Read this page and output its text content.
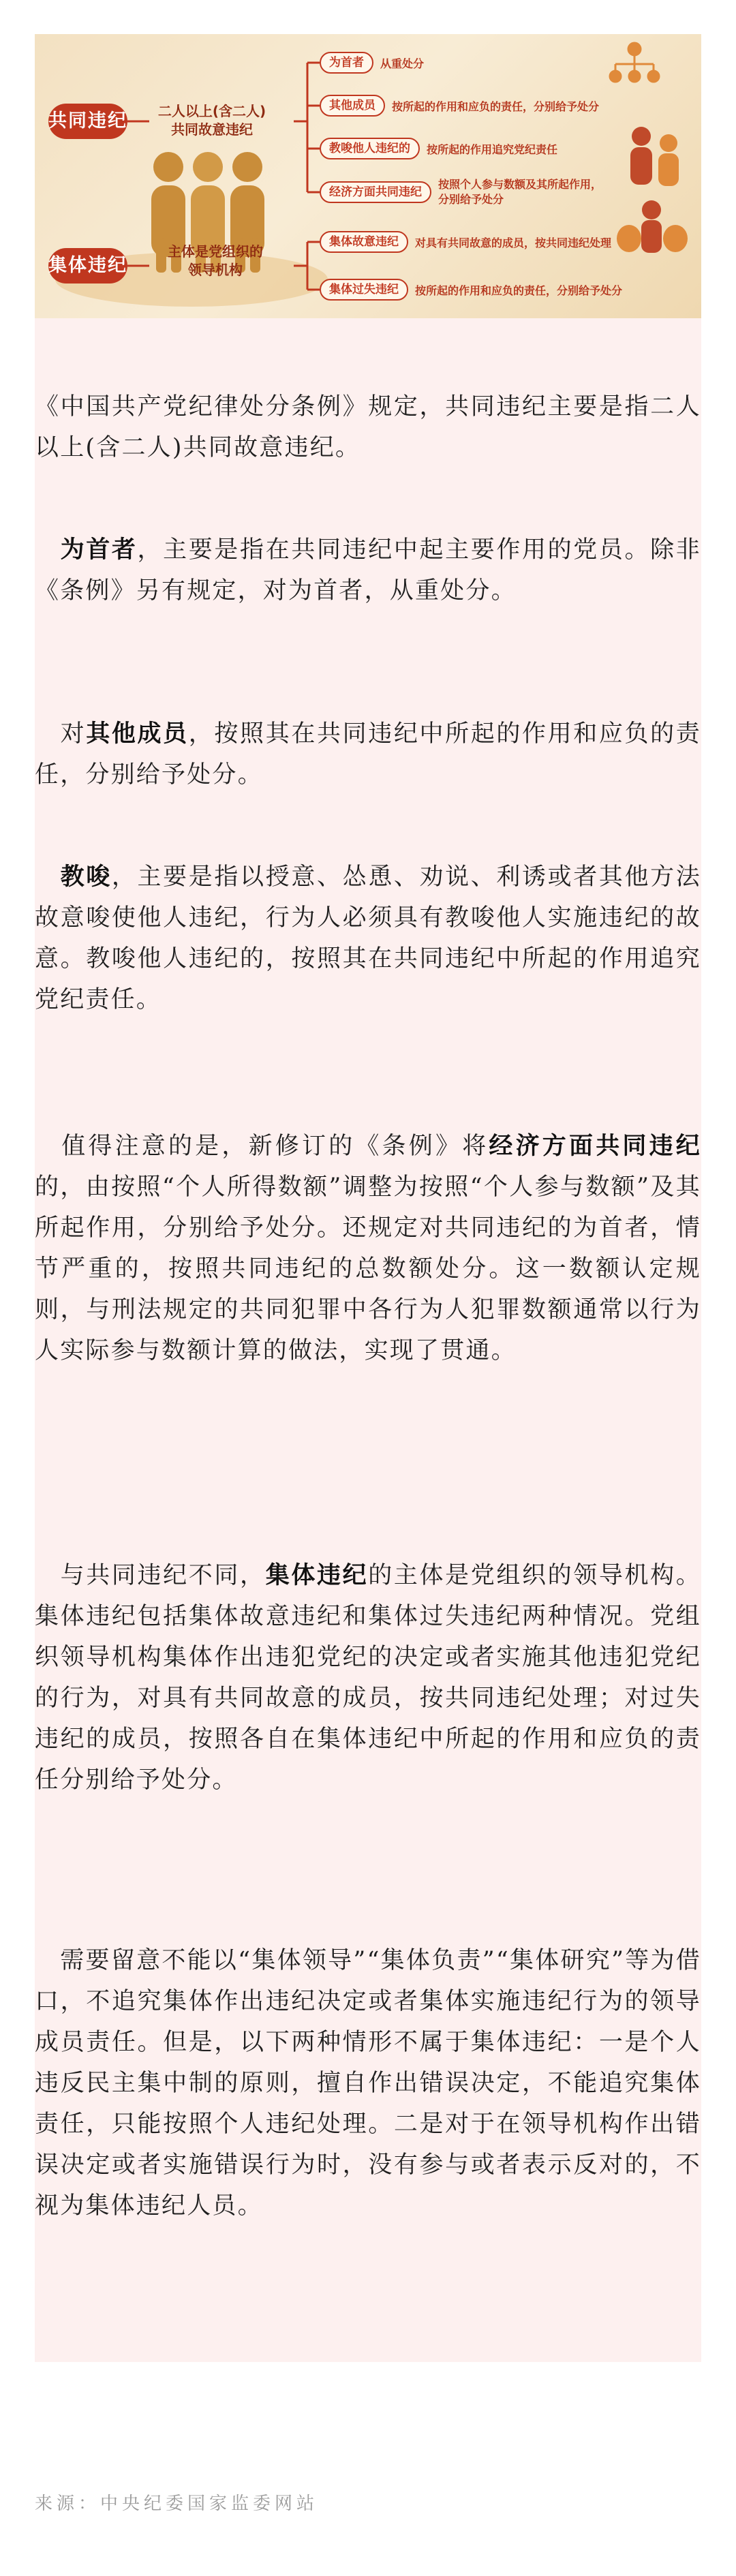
共同违纪
集体违纪
二人以上(含二人)
共同故意违纪
主体是党组织的
领导机构
为首者	从重处分
其他成员	按所起的作用和应负的责任，分别给予处分
教唆他人违纪的	按所起的作用追究党纪责任
经济方面共同违纪
按照个人参与数额及其所起作用，分别给予处分
集体故意违纪	对具有共同故意的成员，按共同违纪处理
集体过失违纪	按所起的作用和应负的责任，分别给予处分

《中国共产党纪律处分条例》规定，共同违纪主要是指二人以上(含二人)共同故意违纪。

 为首者，主要是指在共同违纪中起主要作用的党员。除非《条例》另有规定，对为首者，从重处分。

 对其他成员，按照其在共同违纪中所起的作用和应负的责任，分别给予处分。

 教唆，主要是指以授意、怂恿、劝说、利诱或者其他方法故意唆使他人违纪，行为人必须具有教唆他人实施违纪的故意。教唆他人违纪的，按照其在共同违纪中所起的作用追究党纪责任。

 值得注意的是，新修订的《条例》将经济方面共同违纪的，由按照“个人所得数额”调整为按照“个人参与数额”及其所起作用，分别给予处分。还规定对共同违纪的为首者，情节严重的，按照共同违纪的总数额处分。这一数额认定规则，与刑法规定的共同犯罪中各行为人犯罪数额通常以行为人实际参与数额计算的做法，实现了贯通。

 与共同违纪不同，集体违纪的主体是党组织的领导机构。集体违纪包括集体故意违纪和集体过失违纪两种情况。党组织领导机构集体作出违犯党纪的决定或者实施其他违犯党纪的行为，对具有共同故意的成员，按共同违纪处理；对过失违纪的成员，按照各自在集体违纪中所起的作用和应负的责任分别给予处分。

 需要留意不能以“集体领导”“集体负责”“集体研究”等为借口，不追究集体作出违纪决定或者集体实施违纪行为的领导成员责任。但是，以下两种情形不属于集体违纪：一是个人违反民主集中制的原则，擅自作出错误决定，不能追究集体责任，只能按照个人违纪处理。二是对于在领导机构作出错误决定或者实施错误行为时，没有参与或者表示反对的，不视为集体违纪人员。

来源：中央纪委国家监委网站
